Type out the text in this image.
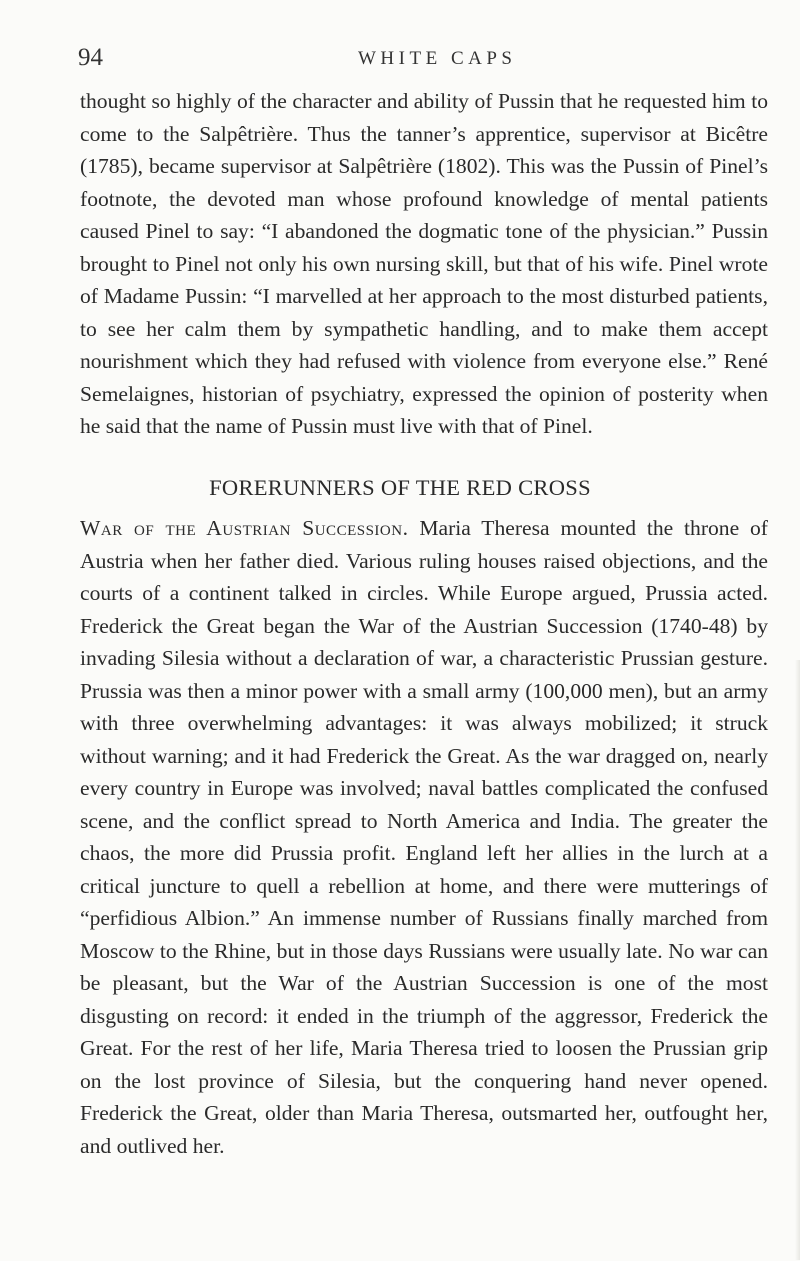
94	WHITE CAPS

thought so highly of the character and ability of Pussin that he requested him to come to the Salpêtrière. Thus the tanner’s apprentice, supervisor at Bicêtre (1785), became supervisor at Salpêtrière (1802). This was the Pussin of Pinel’s footnote, the devoted man whose profound knowledge of mental patients caused Pinel to say: “I abandoned the dogmatic tone of the physician.” Pussin brought to Pinel not only his own nursing skill, but that of his wife. Pinel wrote of Madame Pussin: “I marvelled at her approach to the most disturbed patients, to see her calm them by sympathetic handling, and to make them accept nourishment which they had refused with violence from everyone else.” René Semelaignes, historian of psychiatry, expressed the opinion of posterity when he said that the name of Pussin must live with that of Pinel.

FORERUNNERS OF THE RED CROSS

War of the Austrian Succession. Maria Theresa mounted the throne of Austria when her father died. Various ruling houses raised objections, and the courts of a continent talked in circles. While Europe argued, Prussia acted. Frederick the Great began the War of the Austrian Succession (1740-48) by invading Silesia without a declaration of war, a characteristic Prussian gesture. Prussia was then a minor power with a small army (100,000 men), but an army with three overwhelming advantages: it was always mobilized; it struck without warning; and it had Frederick the Great. As the war dragged on, nearly every country in Europe was involved; naval battles complicated the confused scene, and the conflict spread to North America and India. The greater the chaos, the more did Prussia profit. England left her allies in the lurch at a critical juncture to quell a rebellion at home, and there were mutterings of “perfidious Albion.” An immense number of Russians finally marched from Moscow to the Rhine, but in those days Russians were usually late. No war can be pleasant, but the War of the Austrian Succession is one of the most disgusting on record: it ended in the triumph of the aggressor, Frederick the Great. For the rest of her life, Maria Theresa tried to loosen the Prussian grip on the lost province of Silesia, but the conquering hand never opened. Frederick the Great, older than Maria Theresa, outsmarted her, outfought her, and outlived her.
